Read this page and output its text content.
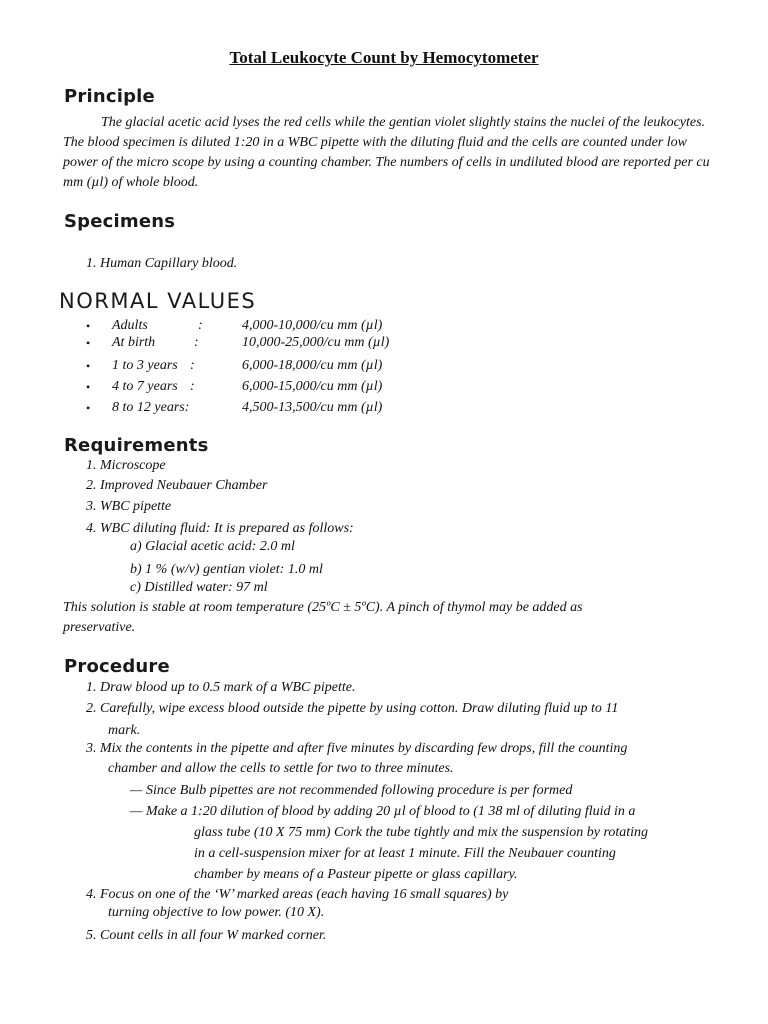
Total Leukocyte Count by Hemocytometer
Principle
The glacial acetic acid lyses the red cells while the gentian violet slightly stains the nuclei of the leukocytes. The blood specimen is diluted 1:20 in a WBC pipette with the diluting fluid and the cells are counted under low power of the micro scope by using a counting chamber. The numbers of cells in undiluted blood are reported per cu mm (µl) of whole blood.
Specimens
1. Human Capillary blood.
NORMAL VALUES
• Adults	:	4,000-10,000/cu mm (µl)
• At birth	:	10,000-25,000/cu mm (µl)
• 1 to 3 years :	6,000-18,000/cu mm (µl)
• 4 to 7 years :	6,000-15,000/cu mm (µl)
• 8 to 12 years:	4,500-13,500/cu mm (µl)
Requirements
1. Microscope
2. Improved Neubauer Chamber
3. WBC pipette
4. WBC diluting fluid: It is prepared as follows:
a) Glacial acetic acid: 2.0 ml
b) 1 % (w/v) gentian violet: 1.0 ml
c) Distilled water: 97 ml
This solution is stable at room temperature (25ºC ± 5ºC). A pinch of thymol may be added as
preservative.
Procedure
1. Draw blood up to 0.5 mark of a WBC pipette.
2. Carefully, wipe excess blood outside the pipette by using cotton. Draw diluting fluid up to 11
mark.
3. Mix the contents in the pipette and after five minutes by discarding few drops, fill the counting
chamber and allow the cells to settle for two to three minutes.
— Since Bulb pipettes are not recommended following procedure is per formed
— Make a 1:20 dilution of blood by adding 20 µl of blood to (1 38 ml of diluting fluid in a
glass tube (10 X 75 mm) Cork the tube tightly and mix the suspension by rotating
in a cell-suspension mixer for at least 1 minute. Fill the Neubauer counting
chamber by means of a Pasteur pipette or glass capillary.
4. Focus on one of the ‘W’ marked areas (each having 16 small squares) by
turning objective to low power. (10 X).
5. Count cells in all four W marked corner.
